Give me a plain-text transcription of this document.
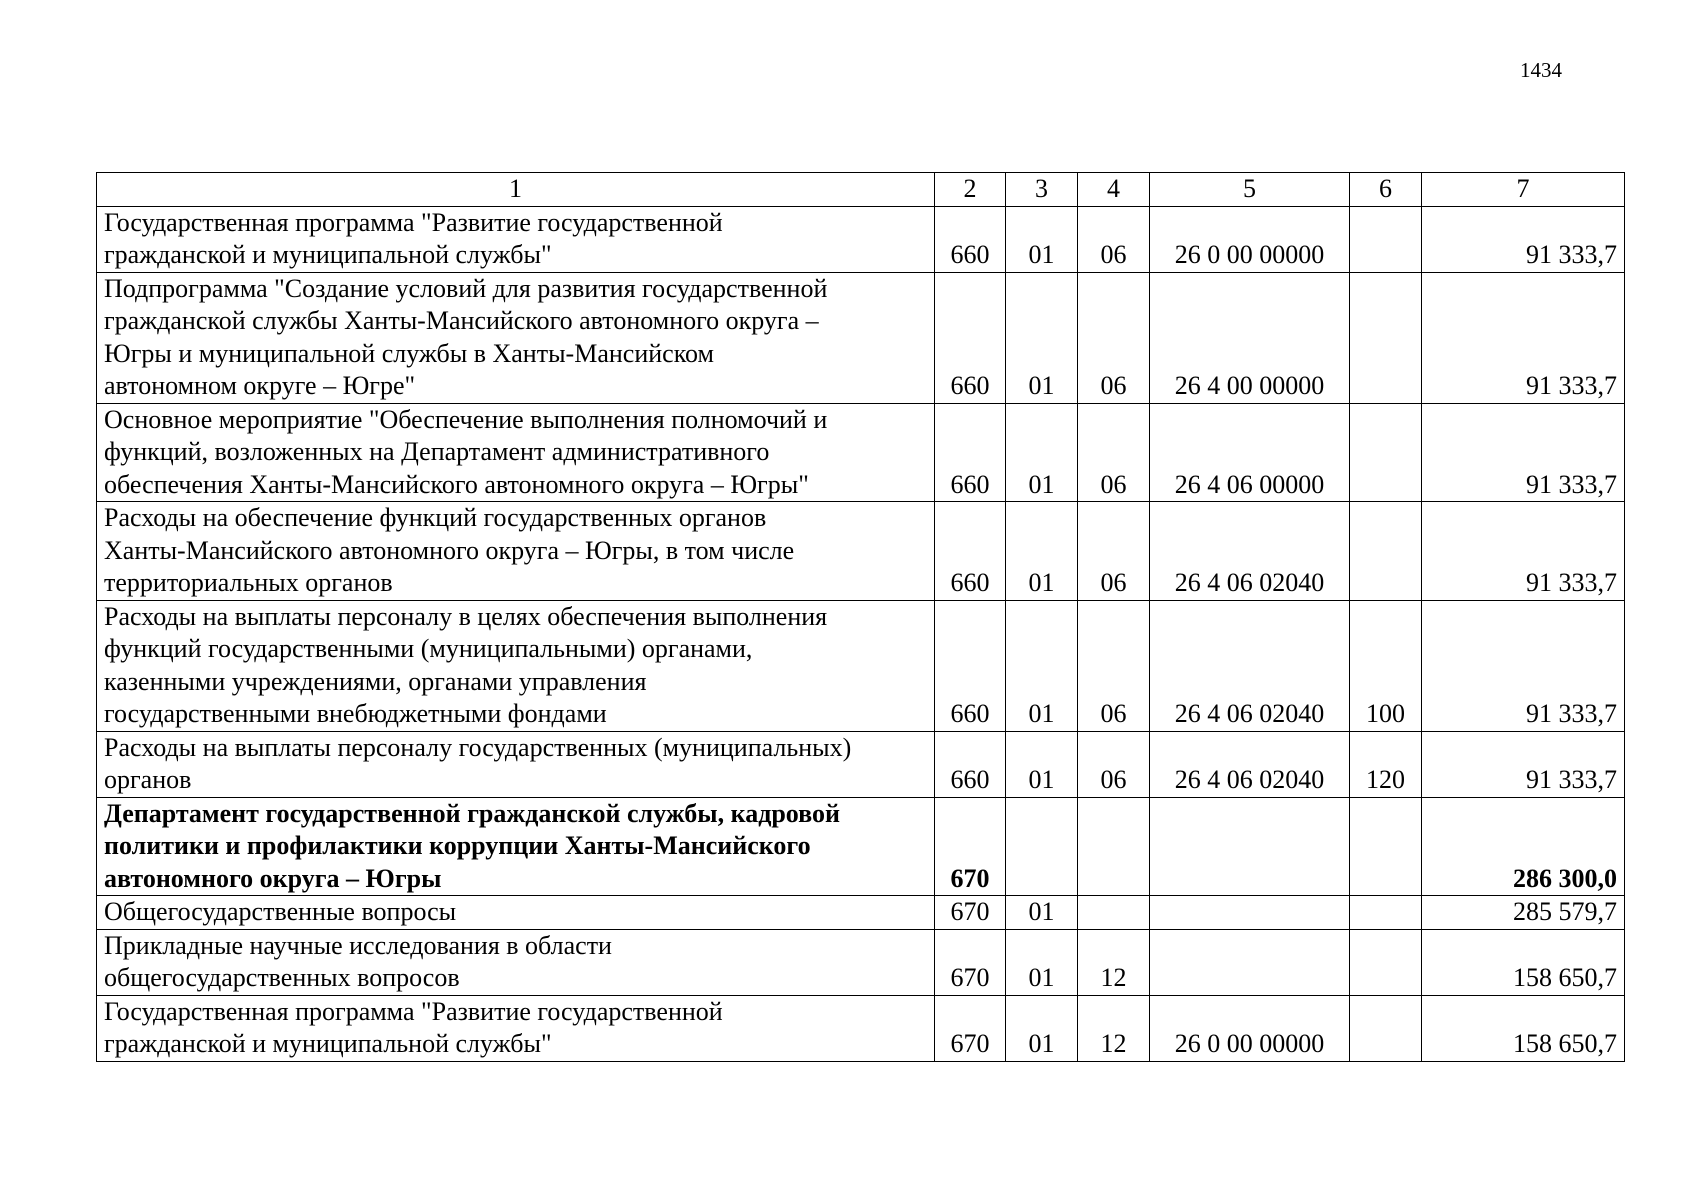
1434
1	2	3	4	5	6	7

Государственная программа "Развитие государственной
гражданской и муниципальной службы"	660	01	06	26 0 00 00000		91 333,7

Подпрограмма "Создание условий для развития государственной
гражданской службы Ханты-Мансийского автономного округа –
Югры и муниципальной службы в Ханты-Мансийском
автономном округе – Югре"	660	01	06	26 4 00 00000		91 333,7

Основное мероприятие "Обеспечение выполнения полномочий и
функций, возложенных на Департамент административного
обеспечения Ханты-Мансийского автономного округа – Югры"	660	01	06	26 4 06 00000		91 333,7

Расходы на обеспечение функций государственных органов
Ханты-Мансийского автономного округа – Югры, в том числе
территориальных органов	660	01	06	26 4 06 02040		91 333,7

Расходы на выплаты персоналу в целях обеспечения выполнения
функций государственными (муниципальными) органами,
казенными учреждениями, органами управления
государственными внебюджетными фондами	660	01	06	26 4 06 02040	100	91 333,7

Расходы на выплаты персоналу государственных (муниципальных)
органов	660	01	06	26 4 06 02040	120	91 333,7

Департамент государственной гражданской службы, кадровой
политики и профилактики коррупции Ханты-Мансийского
автономного округа – Югры	670					286 300,0

Общегосударственные вопросы	670	01				285 579,7

Прикладные научные исследования в области
общегосударственных вопросов	670	01	12			158 650,7

Государственная программа "Развитие государственной
гражданской и муниципальной службы"	670	01	12	26 0 00 00000		158 650,7
